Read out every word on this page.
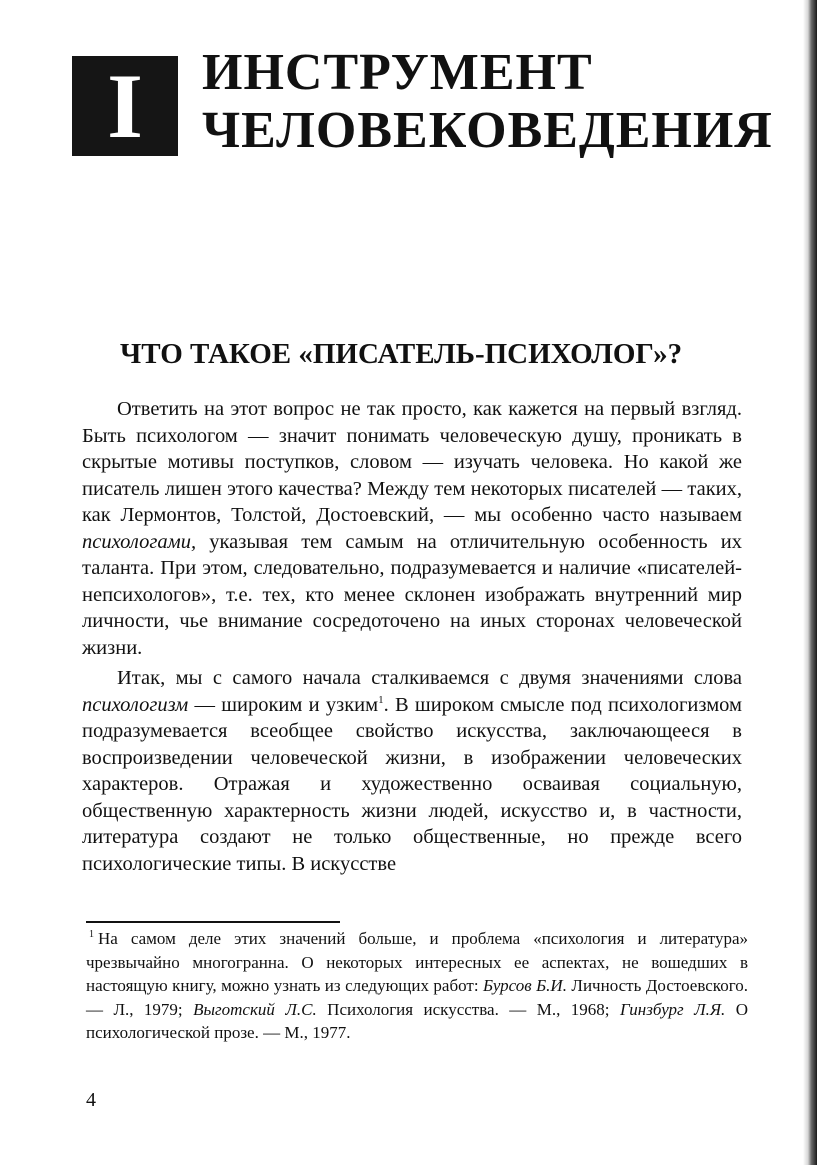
I ИНСТРУМЕНТ
ЧЕЛОВЕКОВЕДЕНИЯ
ЧТО ТАКОЕ «ПИСАТЕЛЬ-ПСИХОЛОГ»?

Ответить на этот вопрос не так просто, как кажется на первый взгляд. Быть психологом — значит понимать человеческую душу, проникать в скрытые мотивы поступков, словом — изучать человека. Но какой же писатель лишен этого качества? Между тем некоторых писателей — таких, как Лермонтов, Толстой, Достоевский, — мы особенно часто называем психологами, указывая тем самым на отличительную особенность их таланта. При этом, следовательно, подразумевается и наличие «писателей-непсихологов», т.е. тех, кто менее склонен изображать внутренний мир личности, чье внимание сосредоточено на иных сторонах человеческой жизни.

Итак, мы с самого начала сталкиваемся с двумя значениями слова психологизм — широким и узким$^1$. В широком смысле под психологизмом подразумевается всеобщее свойство искусства, заключающееся в воспроизведении человеческой жизни, в изображении человеческих характеров. Отражая и художественно осваивая социальную, общественную характерность жизни людей, искусство и, в частности, литература создают не только общественные, но прежде всего психологические типы. В искусстве

$^1$ На самом деле этих значений больше, и проблема «психология и литература» чрезвычайно многогранна. О некоторых интересных ее аспектах, не вошедших в настоящую книгу, можно узнать из следующих работ: Бурсов Б.И. Личность Достоевского. — Л., 1979; Выготский Л.С. Психология искусства. — М., 1968; Гинзбург Л.Я. О психологической прозе. — М., 1977.

4
